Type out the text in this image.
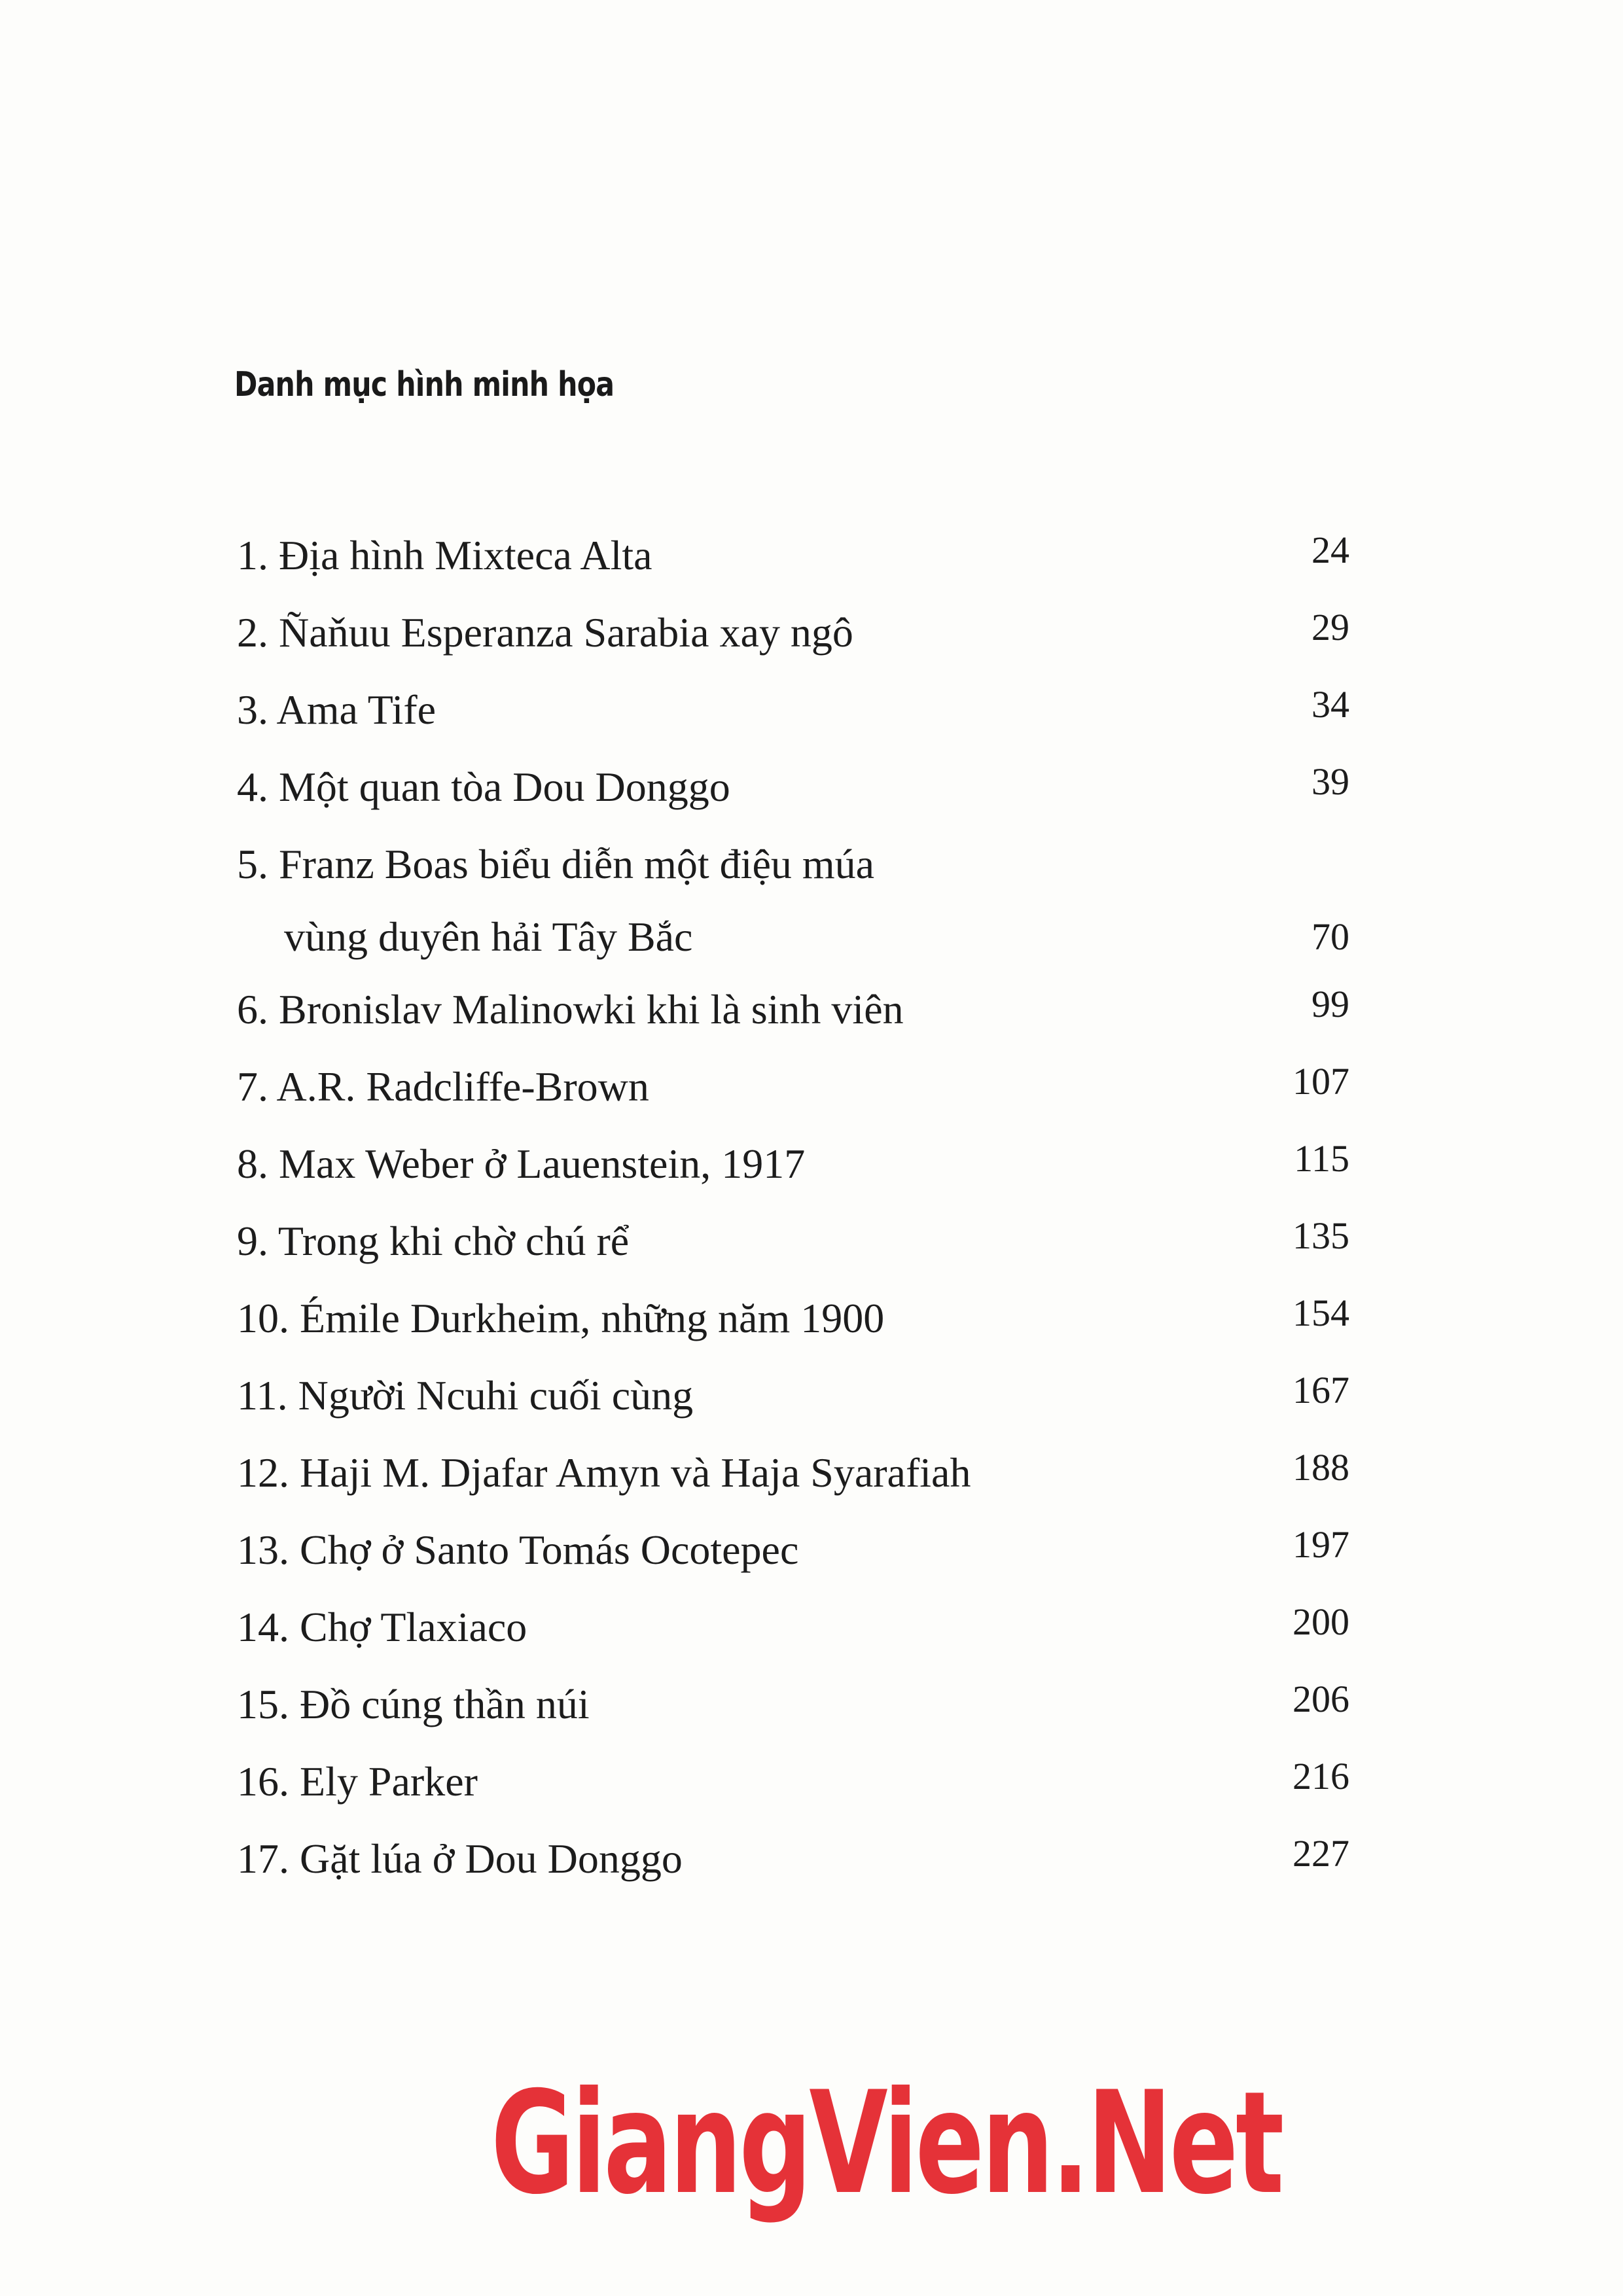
Danh mục hình minh họa
1. Địa hình Mixteca Alta	24
2. Ñaňuu Esperanza Sarabia xay ngô	29
3. Ama Tife	34
4. Một quan tòa Dou Donggo	39
5. Franz Boas biểu diễn một điệu múa
vùng duyên hải Tây Bắc	70
6. Bronislav Malinowki khi là sinh viên	99
7. A.R. Radcliffe-Brown	107
8. Max Weber ở Lauenstein, 1917	115
9. Trong khi chờ chú rể	135
10. Émile Durkheim, những năm 1900	154
11. Người Ncuhi cuối cùng	167
12. Haji M. Djafar Amyn và Haja Syarafiah	188
13. Chợ ở Santo Tomás Ocotepec	197
14. Chợ Tlaxiaco	200
15. Đồ cúng thần núi	206
16. Ely Parker	216
17. Gặt lúa ở Dou Donggo	227
GiangVien.Net
